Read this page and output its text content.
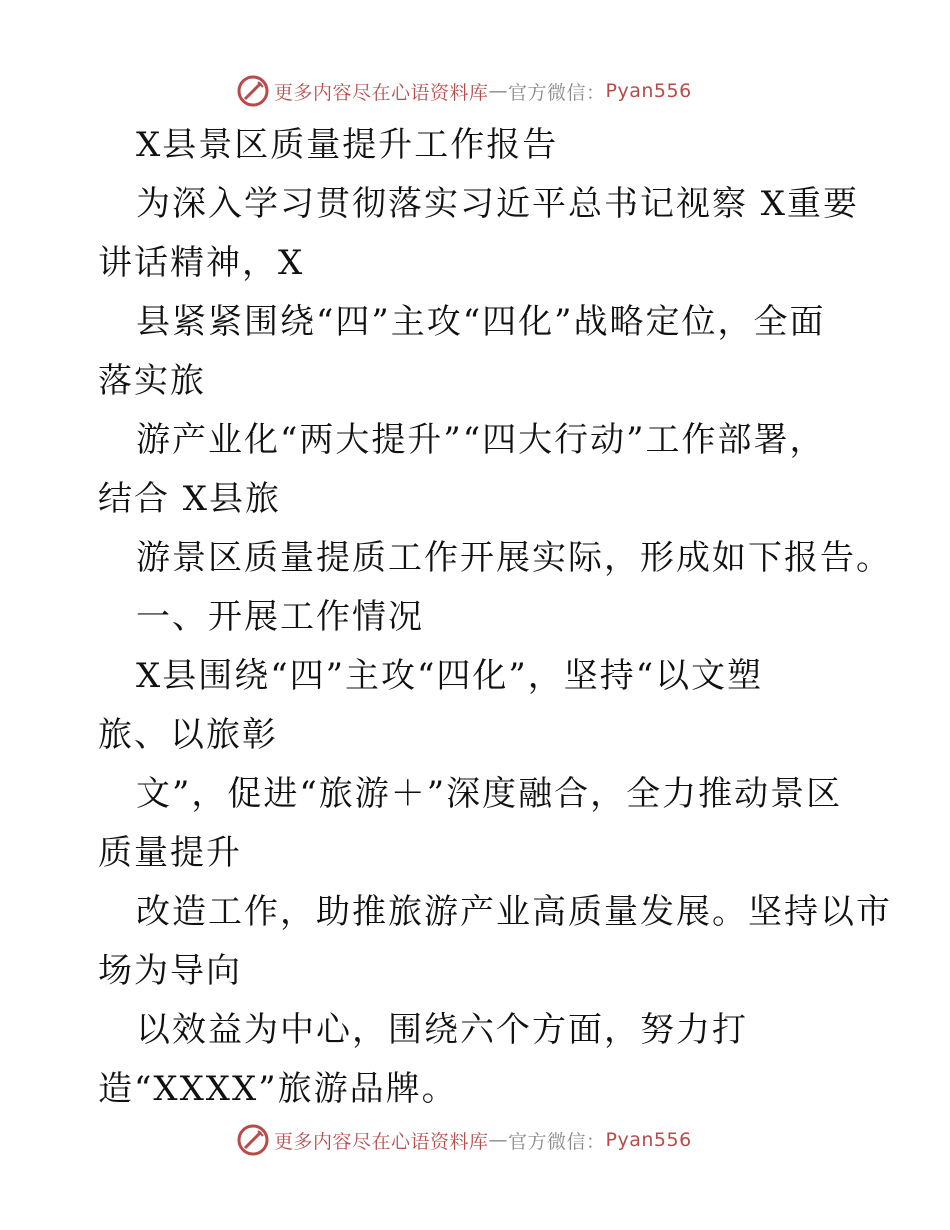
更多内容尽在心语资料库 — 官方微信： Pyan556
X县景区质量提升工作报告
为深入学习贯彻落实习近平总书记视察 X重要
讲话精神，X
县紧紧围绕“四”主攻“四化”战略定位，全面
落实旅
游产业化“两大提升”“四大行动”工作部署，
结合 X县旅
游景区质量提质工作开展实际，形成如下报告。
一、开展工作情况
X县围绕“四”主攻“四化”，坚持“以文塑
旅、以旅彰
文”，促进“旅游＋”深度融合，全力推动景区
质量提升
改造工作，助推旅游产业高质量发展。坚持以市
场为导向
以效益为中心，围绕六个方面，努力打
造“XXXX”旅游品牌。
更多内容尽在心语资料库 — 官方微信： Pyan556
